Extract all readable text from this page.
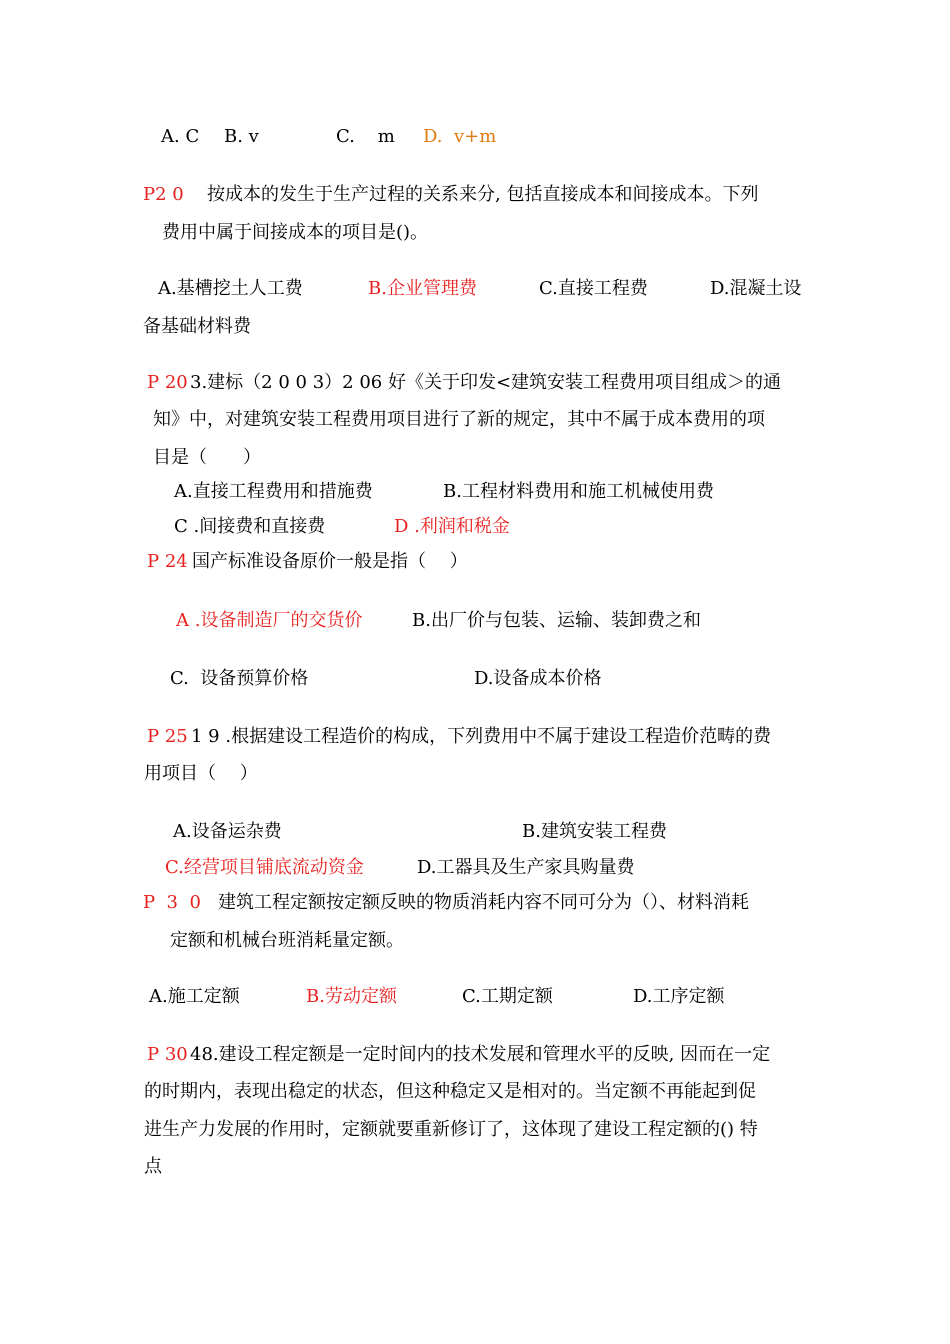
A. C B. v	C.    m D.  v+m
P2 0 按成本的发生于生产过程的关系来分, 包括直接成本和间接成本。下列
费用中属于间接成本的项目是()。
A.基槽挖土人工费	B.企业管理费	C.直接工程费	D.混凝土设
备基础材料费
P 20 3.建标（2 0 0 3）2 06 好《关于印发<建筑安装工程费用项目组成＞的通
知》中，对建筑安装工程费用项目进行了新的规定，其中不属于成本费用的项
目是（　　）
A.直接工程费用和措施费	B.工程材料费用和施工机械使用费
C .间接费和直接费	D .利润和税金
P 24 国产标准设备原价一般是指（　 ）
A .设备制造厂的交货价	B.出厂价与包装、运输、装卸费之和
C.  设备预算价格	D.设备成本价格
P 25 1 9 .根据建设工程造价的构成，下列费用中不属于建设工程造价范畴的费
用项目（　 ）
A.设备运杂费	B.建筑安装工程费
C.经营项目铺底流动资金	D.工器具及生产家具购量费
P  3  0 建筑工程定额按定额反映的物质消耗内容不同可分为（）、材料消耗
定额和机械台班消耗量定额。
A.施工定额	B.劳动定额	C.工期定额	D.工序定额
P 30 48.建设工程定额是一定时间内的技术发展和管理水平的反映, 因而在一定
的时期内，表现出稳定的状态，但这种稳定又是相对的。当定额不再能起到促
进生产力发展的作用时，定额就要重新修订了，这体现了建设工程定额的() 特
点
